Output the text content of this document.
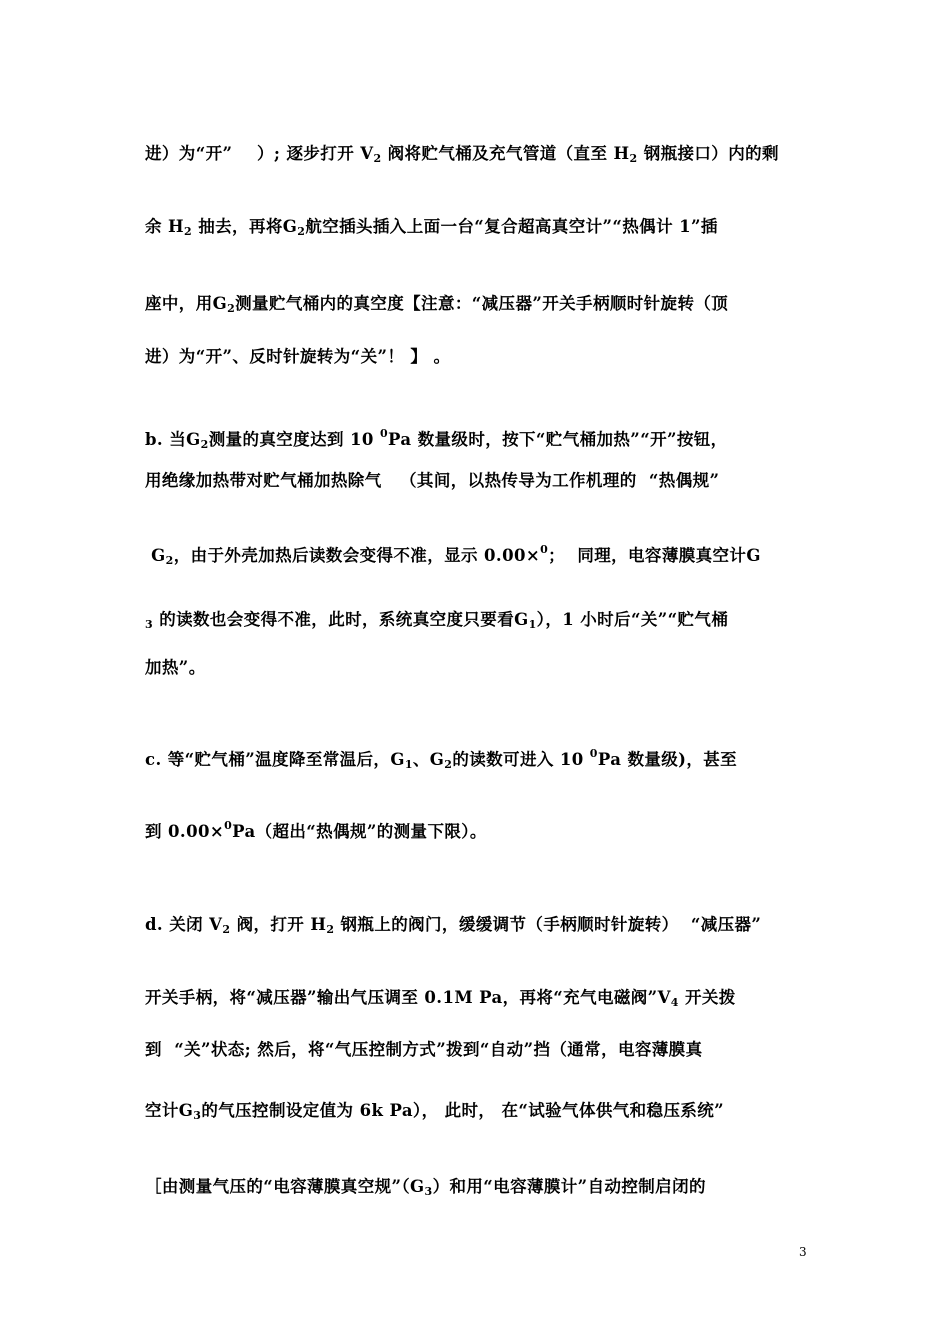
进）为“开”    ）; 逐步打开 $V_2$ 阀将贮气桶及充气管道（直至 $H_2$ 钢瓶接口）内的剩
余 $H_2$ 抽去，再将$G_2$航空插头插入上面一台“复合超高真空计”“热偶计 1”插
座中，用$G_2$测量贮气桶内的真空度【注意：“减压器”开关手柄顺时针旋转（顶
进）为“开”、反时针旋转为“关”！ 】 。
b. 当$G_2$测量的真空度达到 10 $^0$Pa 数量级时，按下“贮气桶加热”“开”按钮，
用绝缘加热带对贮气桶加热除气   （其间，以热传导为工作机理的  “热偶规”
$G_2$，由于外壳加热后读数会变得不准，显示 0.00×$^0$；  同理，电容薄膜真空计G
$_3$ 的读数也会变得不准，此时，系统真空度只要看$G_1$），1 小时后“关”“贮气桶
加热”。
c. 等“贮气桶”温度降至常温后，$G_1$、$G_2$的读数可进入 10 $^0$Pa 数量级)，甚至
到 0.00×$^0$Pa（超出“热偶规”的测量下限）。
d. 关闭 $V_2$ 阀，打开 $H_2$ 钢瓶上的阀门，缓缓调节（手柄顺时针旋转）  “减压器”
开关手柄，将“减压器”输出气压调至 0.1M Pa，再将“充气电磁阀$”V_4$ 开关拨
到  “关”状态; 然后，将“气压控制方式”拨到“自动”挡（通常，电容薄膜真
空计$G_3$的气压控制设定值为 6k Pa）， 此时， 在“试验气体供气和稳压系统”
［由测量气压的“电容薄膜真空规$”(G_3)$和用“电容薄膜计”自动控制启闭的
3
